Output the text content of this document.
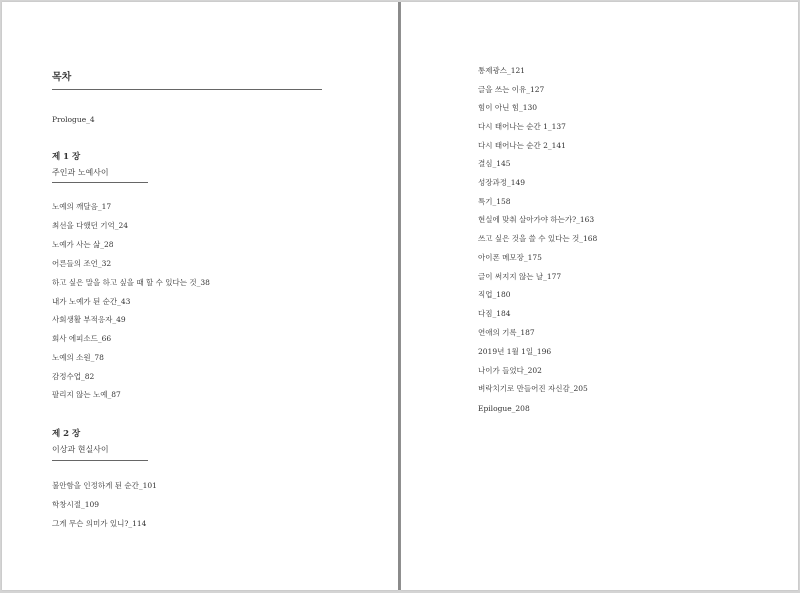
목차
Prologue_4
제 1 장
주인과 노예사이
노예의 깨달음_17
최선을 다했던 기억_24
노예가 사는 삶_28
어른들의 조언_32
하고 싶은 말을 하고 싶을 때 할 수 있다는 것_38
내가 노예가 된 순간_43
사회생활 부적응자_49
회사 에피소드_66
노예의 소원_78
감정수업_82
팔리지 않는 노예_87
제 2 장
이상과 현실사이
불안함을 인정하게 된 순간_101
학창시절_109
그게 무슨 의미가 있니?_114
통제광스_121
글을 쓰는 이유_127
힘이 아닌 힘_130
다시 태어나는 순간 1_137
다시 태어나는 순간 2_141
결심_145
성장과정_149
특기_158
현실에 맞춰 살아가야 하는가?_163
쓰고 싶은 것을 쓸 수 있다는 것_168
아이폰 메모장_175
글이 써지지 않는 날_177
직업_180
다짐_184
연애의 기록_187
2019년 1월 1일_196
나이가 들었다_202
벼락치기로 만들어진 자신감_205
Epilogue_208
